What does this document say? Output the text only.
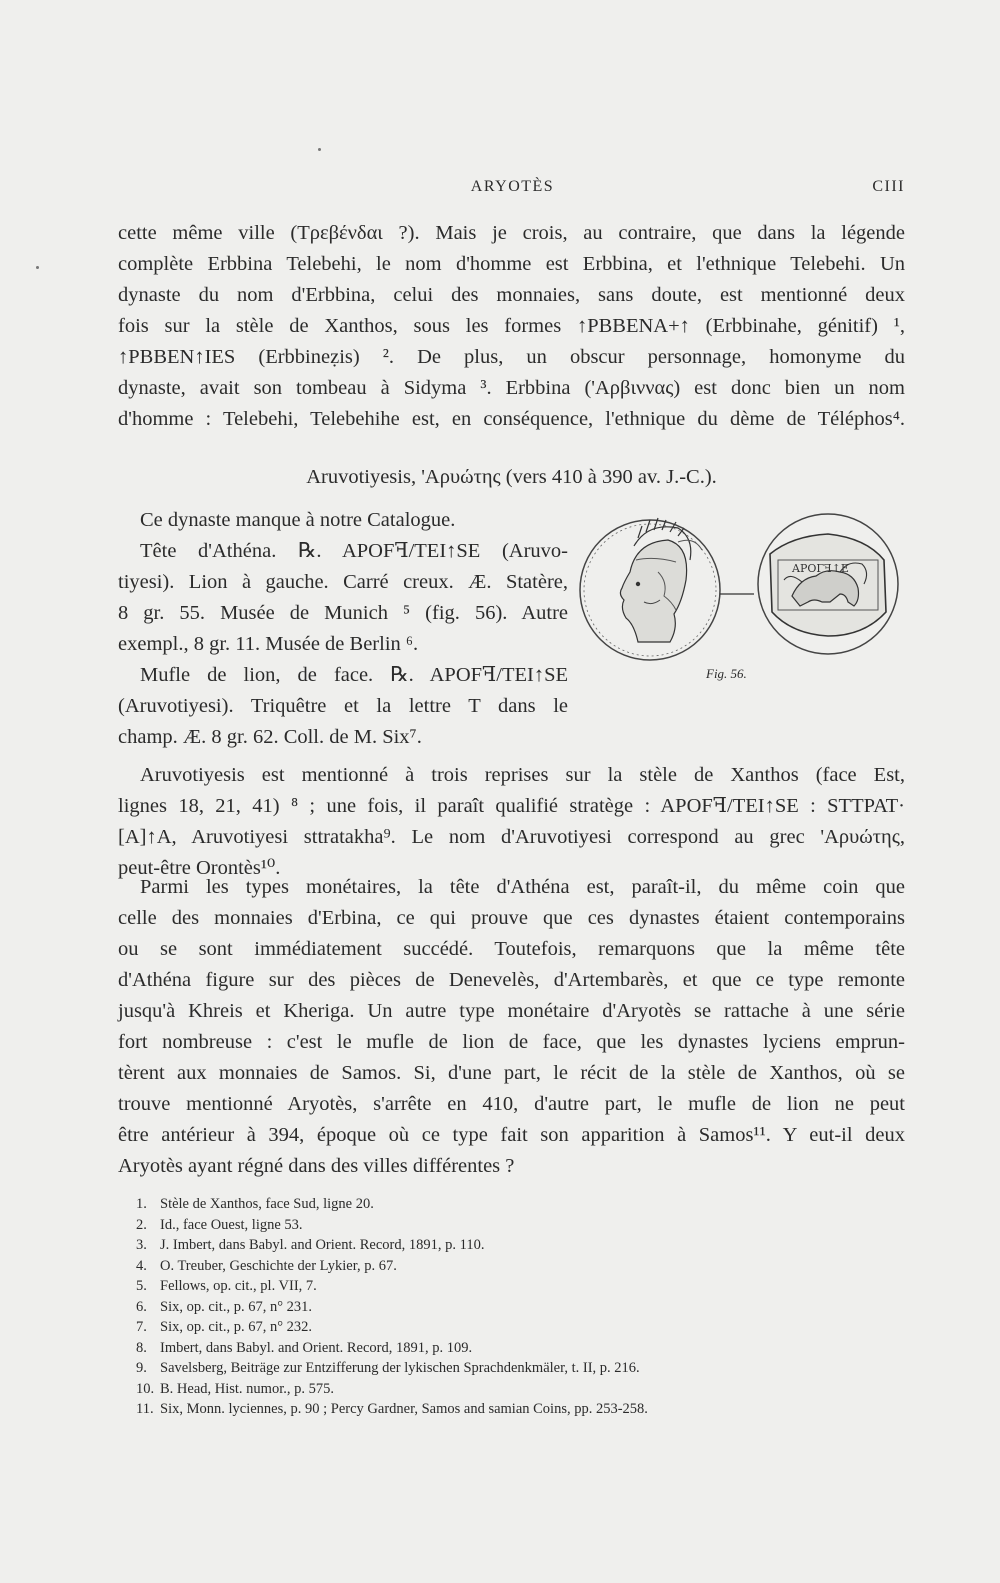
ARYOTÈS	CIII
cette même ville (Τρεβένδαι ?). Mais je crois, au contraire, que dans la légende
complète Erbbina Telebehi, le nom d'homme est Erbbina, et l'ethnique Telebehi. Un
dynaste du nom d'Erbbina, celui des monnaies, sans doute, est mentionné deux
fois sur la stèle de Xanthos, sous les formes ↑PBBENA+↑ (Erbbinahe, génitif) ¹,
↑PBBEN↑IES (Erbbineẓis) ². De plus, un obscur personnage, homonyme du
dynaste, avait son tombeau à Sidyma ³. Erbbina ('Αρβιννας) est donc bien un nom
d'homme : Telebehi, Telebehihe est, en conséquence, l'ethnique du dème de Téléphos⁴.
Aruvotiyesis, 'Αρυώτης (vers 410 à 390 av. J.-C.).
Ce dynaste manque à notre Catalogue.
Tête d'Athéna. ℞. APOFꟻ/TEI↑SE (Aruvo-
tiyesi). Lion à gauche. Carré creux. Æ. Statère,
8 gr. 55. Musée de Munich ⁵ (fig. 56). Autre
exempl., 8 gr. 11. Musée de Berlin ⁶.
Mufle de lion, de face. ℞. APOFꟻ/TEI↑SE
(Aruvotiyesi). Triquêtre et la lettre T dans le
champ. Æ. 8 gr. 62. Coll. de M. Six⁷.
ΑΡΟΓꟻ↑Ε
Fig. 56.
Aruvotiyesis est mentionné à trois reprises sur la stèle de Xanthos (face Est,
lignes 18, 21, 41) ⁸ ; une fois, il paraît qualifié stratège : APOFꟻ/TEI↑SE : STTPAT·
[A]↑A, Aruvotiyesi sttratakha⁹. Le nom d'Aruvotiyesi correspond au grec 'Αρυώτης,
peut-être Orontès¹⁰.
Parmi les types monétaires, la tête d'Athéna est, paraît-il, du même coin que
celle des monnaies d'Erbina, ce qui prouve que ces dynastes étaient contemporains
ou se sont immédiatement succédé. Toutefois, remarquons que la même tête
d'Athéna figure sur des pièces de Denevelès, d'Artembarès, et que ce type remonte
jusqu'à Khreis et Kheriga. Un autre type monétaire d'Aryotès se rattache à une série
fort nombreuse : c'est le mufle de lion de face, que les dynastes lyciens emprun-
tèrent aux monnaies de Samos. Si, d'une part, le récit de la stèle de Xanthos, où se
trouve mentionné Aryotès, s'arrête en 410, d'autre part, le mufle de lion ne peut
être antérieur à 394, époque où ce type fait son apparition à Samos¹¹. Y eut-il deux
Aryotès ayant régné dans des villes différentes ?
1. Stèle de Xanthos, face Sud, ligne 20.
2. Id., face Ouest, ligne 53.
3. J. Imbert, dans Babyl. and Orient. Record, 1891, p. 110.
4. O. Treuber, Geschichte der Lykier, p. 67.
5. Fellows, op. cit., pl. VII, 7.
6. Six, op. cit., p. 67, n° 231.
7. Six, op. cit., p. 67, n° 232.
8. Imbert, dans Babyl. and Orient. Record, 1891, p. 109.
9. Savelsberg, Beiträge zur Entzifferung der lykischen Sprachdenkmäler, t. II, p. 216.
10. B. Head, Hist. numor., p. 575.
11. Six, Monn. lyciennes, p. 90 ; Percy Gardner, Samos and samian Coins, pp. 253-258.
